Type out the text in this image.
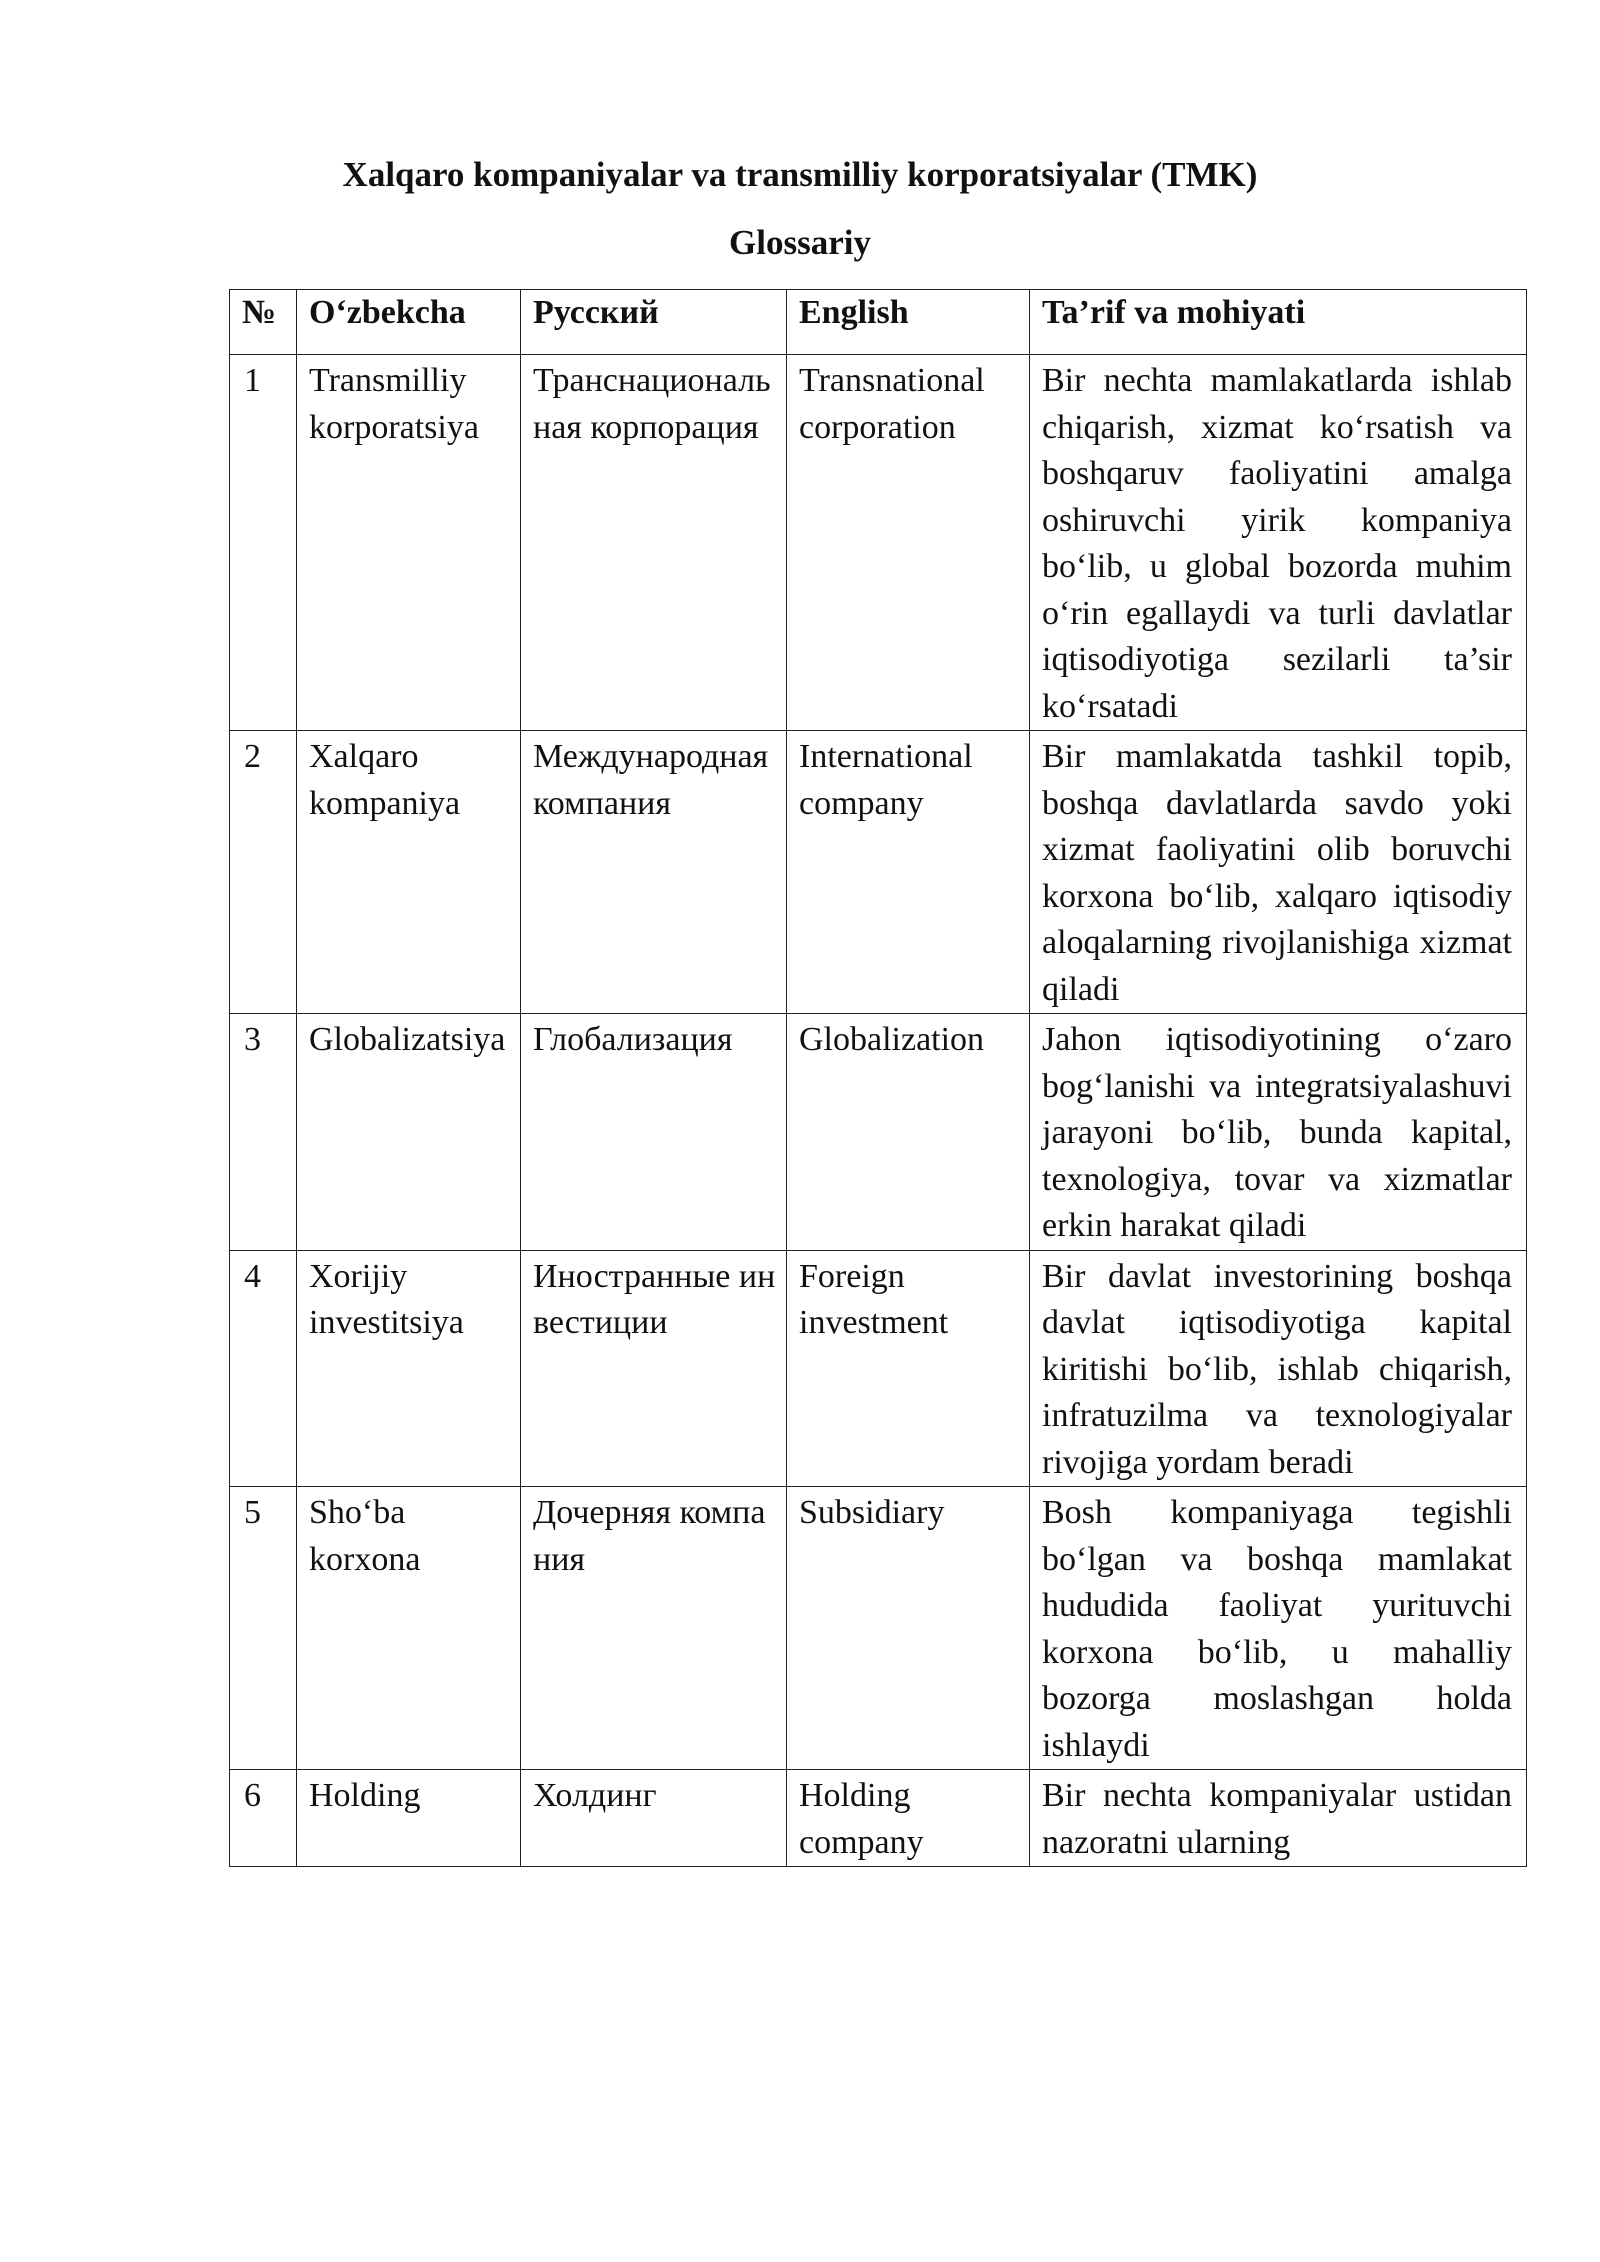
Xalqaro kompaniyalar va transmilliy korporatsiyalar (TMK)
Glossariy
№	O‘zbekcha	Русский	English	Ta’rif va mohiyati
1	Transmilliy korporatsiya	Транснациональная корпорация	Transnational corporation	Bir nechta mamlakatlarda ishlab chiqarish, xizmat ko‘rsatish va boshqaruv faoliyatini amalga oshiruvchi yirik kompaniya bo‘lib, u global bozorda muhim o‘rin egallaydi va turli davlatlar iqtisodiyotiga sezilarli ta’sir ko‘rsatadi
2	Xalqaro kompaniya	Международная компания	International company	Bir mamlakatda tashkil topib, boshqa davlatlarda savdo yoki xizmat faoliyatini olib boruvchi korxona bo‘lib, xalqaro iqtisodiy aloqalarning rivojlanishiga xizmat qiladi
3	Globalizatsiya	Глобализация	Globalization	Jahon iqtisodiyotining o‘zaro bog‘lanishi va integratsiyalashuvi jarayoni bo‘lib, bunda kapital, texnologiya, tovar va xizmatlar erkin harakat qiladi
4	Xorijiy investitsiya	Иностранные инвестиции	Foreign investment	Bir davlat investorining boshqa davlat iqtisodiyotiga kapital kiritishi bo‘lib, ishlab chiqarish, infratuzilma va texnologiyalar rivojiga yordam beradi
5	Sho‘ba korxona	Дочерняя компания	Subsidiary	Bosh kompaniyaga tegishli bo‘lgan va boshqa mamlakat hududida faoliyat yurituvchi korxona bo‘lib, u mahalliy bozorga moslashgan holda ishlaydi
6	Holding	Холдинг	Holding company	Bir nechta kompaniyalar ustidan nazoratni ularning
